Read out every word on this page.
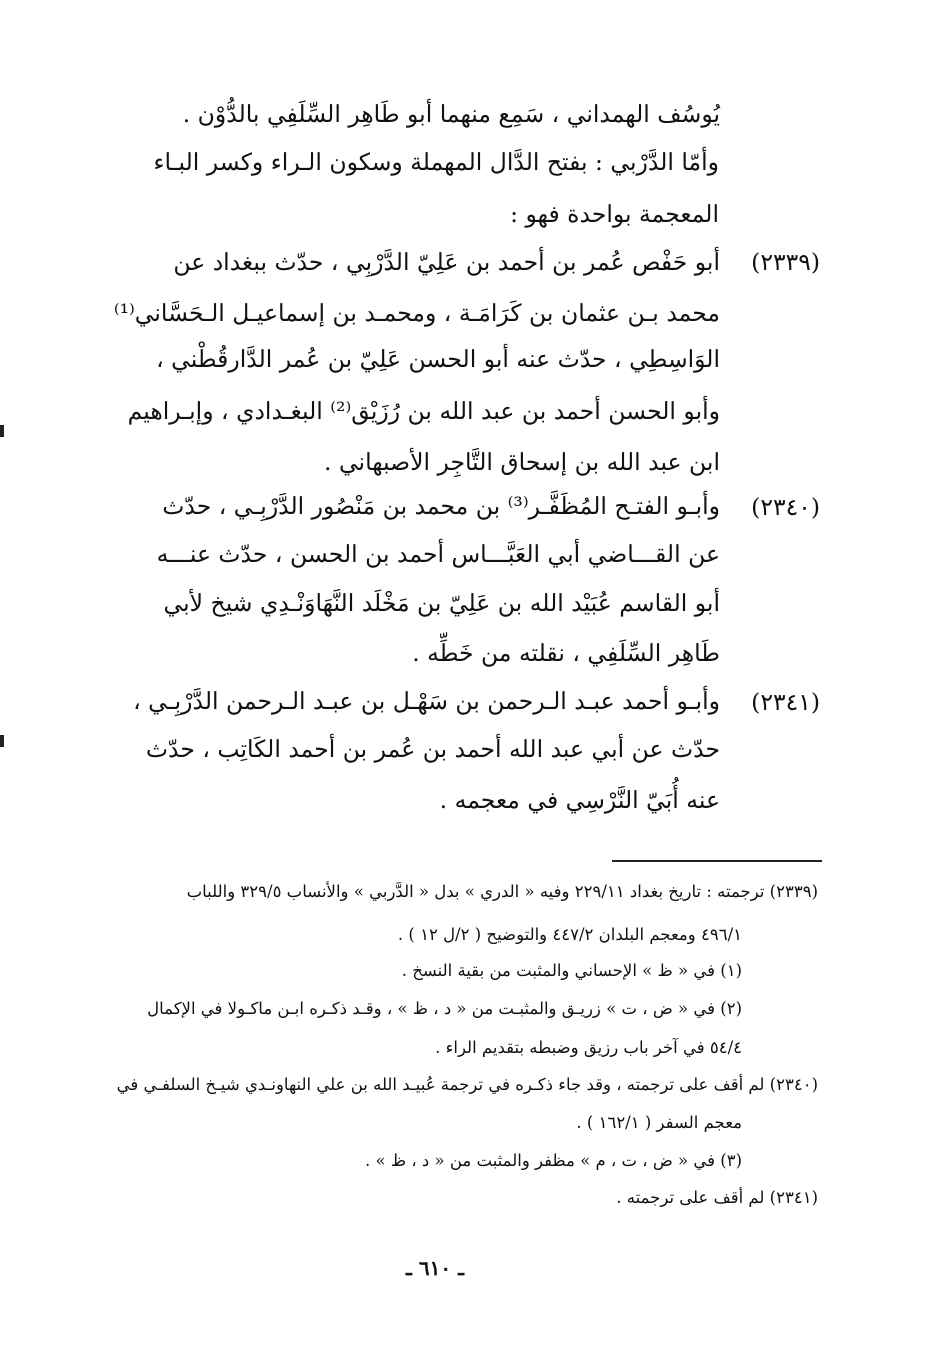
يُوسُف الهمداني ، سَمِع منهما أبو طَاهِر السِّلَفِي بالدُّوْن .
وأمّا الدَّرْبي : بفتح الدَّال المهملة وسكون الـراء وكسر البـاء
المعجمة بواحدة فهو :
(٢٣٣٩)
أبو حَفْص عُمر بن أحمد بن عَلِيّ الدَّرْبِي ، حدّث ببغداد عن
محمد بـن عثمان بن كَرَامَـة ، ومحمـد بن إسماعيـل الـحَسَّاني⁽¹⁾
الوَاسِطِي ، حدّث عنه أبو الحسن عَلِيّ بن عُمر الدَّارقُطْني ،
وأبو الحسن أحمد بن عبد الله بن رُزَيْق⁽²⁾ البغـدادي ، وإبـراهيم
ابن عبد الله بن إسحاق التَّاجِر الأصبهاني .
(٢٣٤٠)
وأبـو الفتـح المُظَفَّـر⁽³⁾ بن محمد بن مَنْصُور الدَّرْبِـي ، حدّث
عن القـــاضي أبي العَبَّـــاس أحمد بن الحسن ، حدّث عنـــه
أبو القاسم عُبَيْد الله بن عَلِيّ بن مَخْلَد النَّهَاوَنْـدِي شيخ لأبي
طَاهِر السِّلَفِي ، نقلته من خَطِّه .
(٢٣٤١)
وأبـو أحمد عبـد الـرحمن بن سَهْـل بن عبـد الـرحمن الدَّرْبِـي ،
حدّث عن أبي عبد الله أحمد بن عُمر بن أحمد الكَاتِب ، حدّث
عنه أُبَيّ النَّرْسِي في معجمه .
(٢٣٣٩) ترجمته : تاريخ بغداد ٢٢٩/١١ وفيه « الدري » بدل « الدَّربي » والأنساب ٣٢٩/٥ واللباب
٤٩٦/١ ومعجم البلدان ٤٤٧/٢ والتوضيح ( ٢/ل ١٢ ) .
(١) في « ظ » الإحساني والمثبت من بقية النسخ .
(٢) في « ض ، ت » زريـق والمثبـت من « د ، ظ » ، وقـد ذكـره ابـن ماكـولا في الإكمال
٥٤/٤ في آخر باب رزيق وضبطه بتقديم الراء .
(٢٣٤٠) لم أقف على ترجمته ، وقد جاء ذكـره في ترجمة عُبيـد الله بن علي النهاونـدي شيـخ السلفـي في
معجم السفر ( ١٦٢/١ ) .
(٣) في « ض ، ت ، م » مظفر والمثبت من « د ، ظ » .
(٢٣٤١) لم أقف على ترجمته .
ـ ٦١٠ ـ
